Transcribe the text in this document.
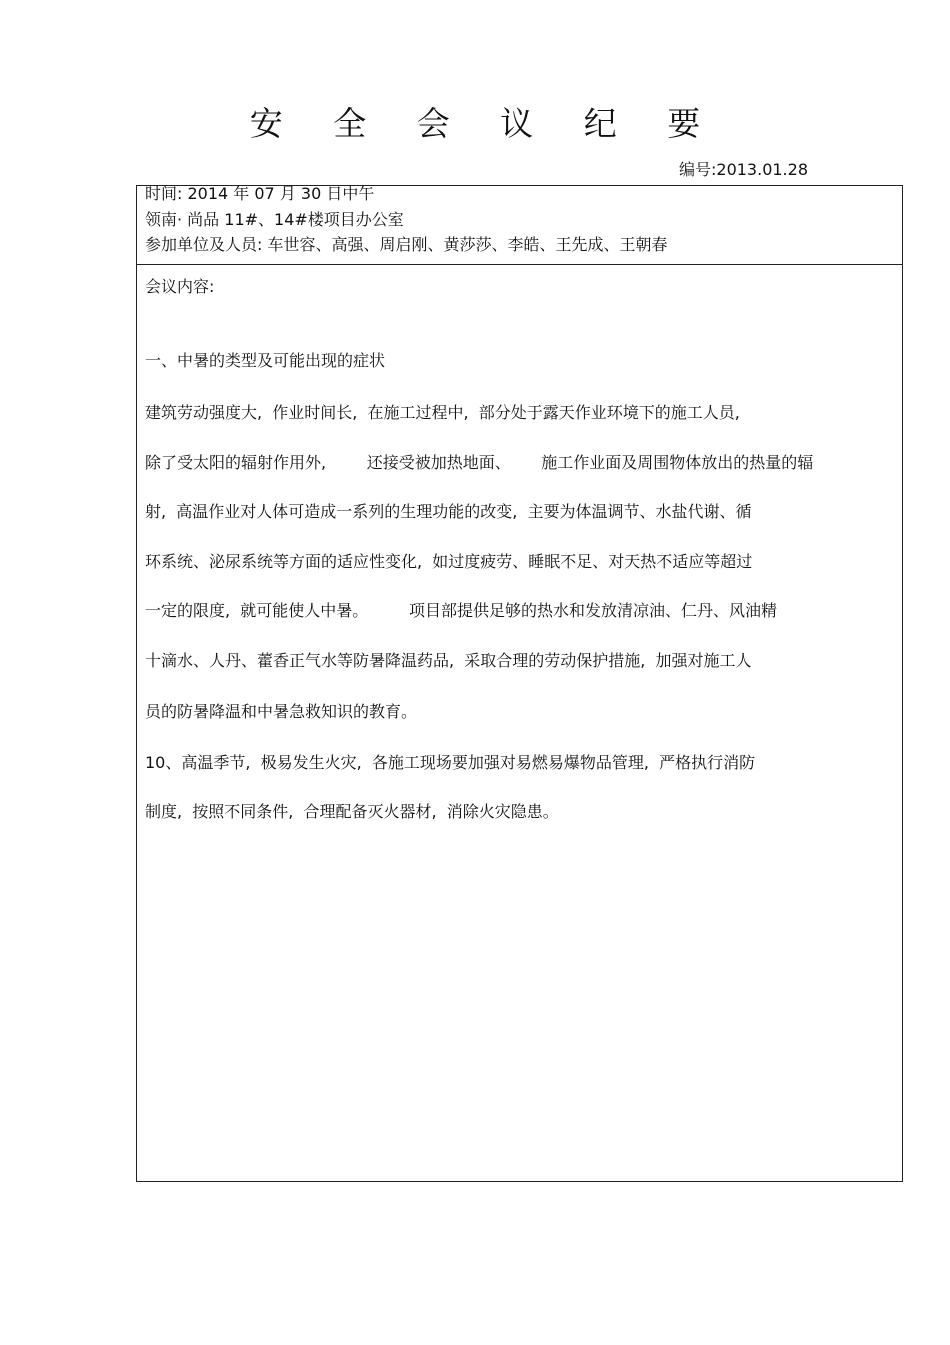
安 全 会 议 纪 要
编号:2013.01.28
时间: 2014 年 07 月 30 日中午
领南· 尚品 11#、14#楼项目办公室
参加单位及人员: 车世容、高强、周启刚、黄莎莎、李皓、王先成、王朝春
会议内容:
一、中暑的类型及可能出现的症状
建筑劳动强度大,  作业时间长,  在施工过程中,  部分处于露天作业环境下的施工人员,
除了受太阳的辐射作用外,        还接受被加热地面、      施工作业面及周围物体放出的热量的辐
射,  高温作业对人体可造成一系列的生理功能的改变,  主要为体温调节、水盐代谢、循
环系统、泌尿系统等方面的适应性变化,  如过度疲劳、睡眠不足、对天热不适应等超过
一定的限度,  就可能使人中暑。        项目部提供足够的热水和发放清凉油、仁丹、风油精
十滴水、人丹、藿香正气水等防暑降温药品,  采取合理的劳动保护措施,  加强对施工人
员的防暑降温和中暑急救知识的教育。
10、高温季节,  极易发生火灾,  各施工现场要加强对易燃易爆物品管理,  严格执行消防
制度,  按照不同条件,  合理配备灭火器材,  消除火灾隐患。
